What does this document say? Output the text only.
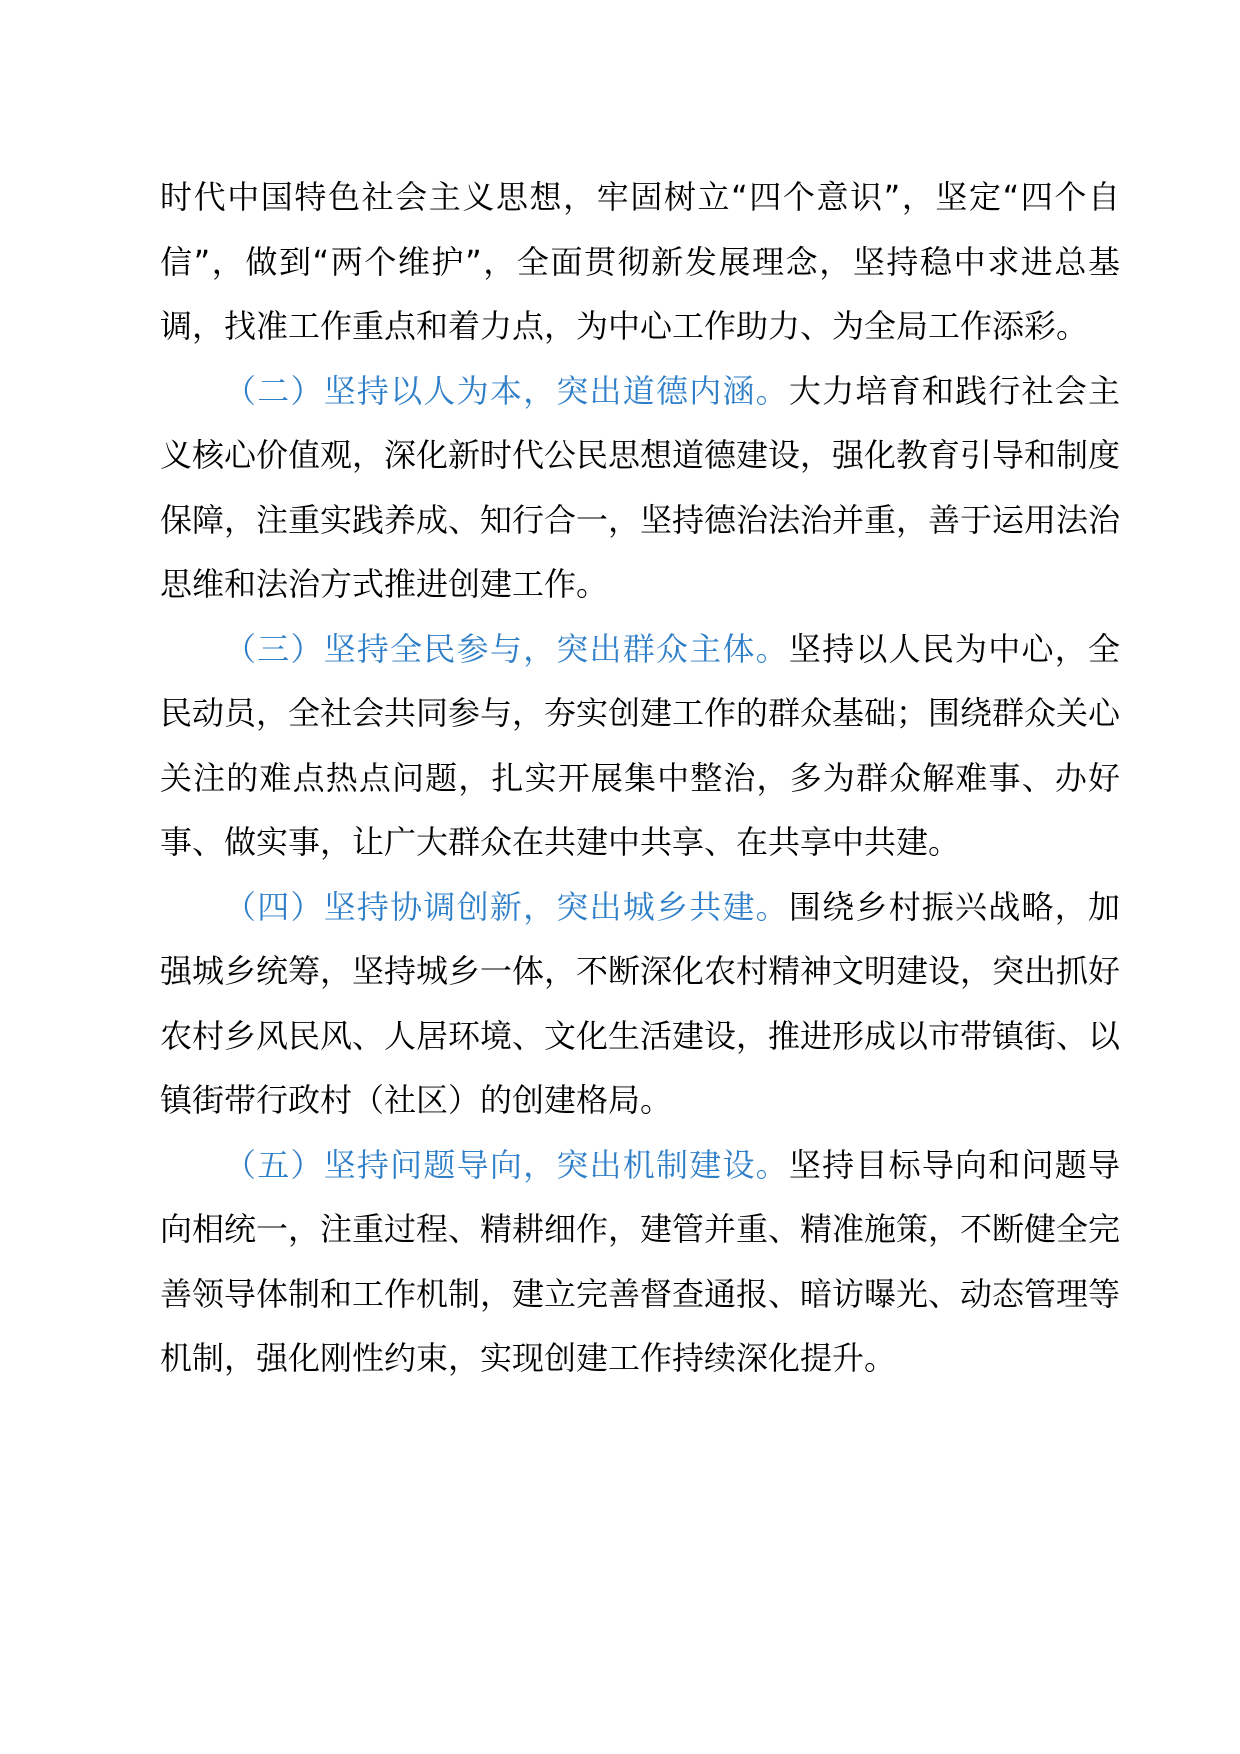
时代中国特色社会主义思想，牢固树立“四个意识”，坚定“四个自信”，做到“两个维护”，全面贯彻新发展理念，坚持稳中求进总基调，找准工作重点和着力点，为中心工作助力、为全局工作添彩。

（二）坚持以人为本，突出道德内涵。大力培育和践行社会主义核心价值观，深化新时代公民思想道德建设，强化教育引导和制度保障，注重实践养成、知行合一，坚持德治法治并重，善于运用法治思维和法治方式推进创建工作。

（三）坚持全民参与，突出群众主体。坚持以人民为中心，全民动员，全社会共同参与，夯实创建工作的群众基础；围绕群众关心关注的难点热点问题，扎实开展集中整治，多为群众解难事、办好事、做实事，让广大群众在共建中共享、在共享中共建。

（四）坚持协调创新，突出城乡共建。围绕乡村振兴战略，加强城乡统筹，坚持城乡一体，不断深化农村精神文明建设，突出抓好农村乡风民风、人居环境、文化生活建设，推进形成以市带镇街、以镇街带行政村（社区）的创建格局。

（五）坚持问题导向，突出机制建设。坚持目标导向和问题导向相统一，注重过程、精耕细作，建管并重、精准施策，不断健全完善领导体制和工作机制，建立完善督查通报、暗访曝光、动态管理等机制，强化刚性约束，实现创建工作持续深化提升。
